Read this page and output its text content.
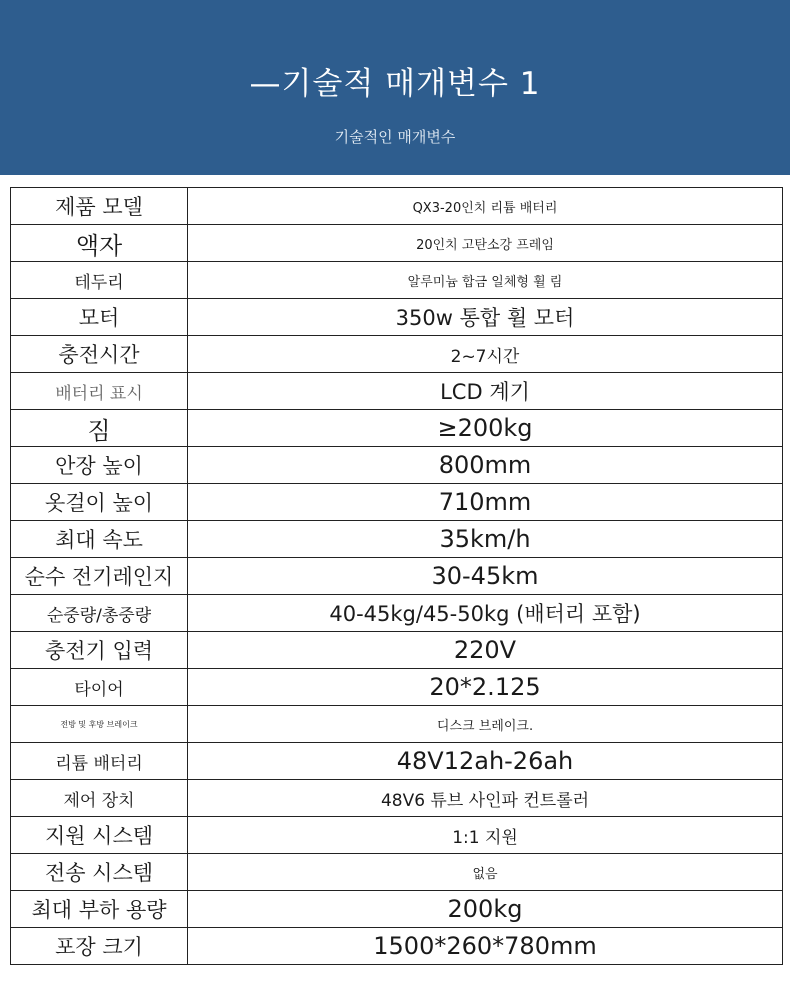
—기술적 매개변수 1
기술적인 매개변수
제품 모델	QX3-20인치 리튬 배터리
액자	20인치 고탄소강 프레임
테두리	알루미늄 합금 일체형 휠 림
모터	350w 통합 휠 모터
충전시간	2~7시간
배터리 표시	LCD 계기
짐	≥200kg
안장 높이	800mm
옷걸이 높이	710mm
최대 속도	35km/h
순수 전기레인지	30-45km
순중량/총중량	40-45kg/45-50kg (배터리 포함)
충전기 입력	220V
타이어	20*2.125
전방 및 후방 브레이크	디스크 브레이크.
리튬 배터리	48V12ah-26ah
제어 장치	48V6 튜브 사인파 컨트롤러
지원 시스템	1:1 지원
전송 시스템	없음
최대 부하 용량	200kg
포장 크기	1500*260*780mm
